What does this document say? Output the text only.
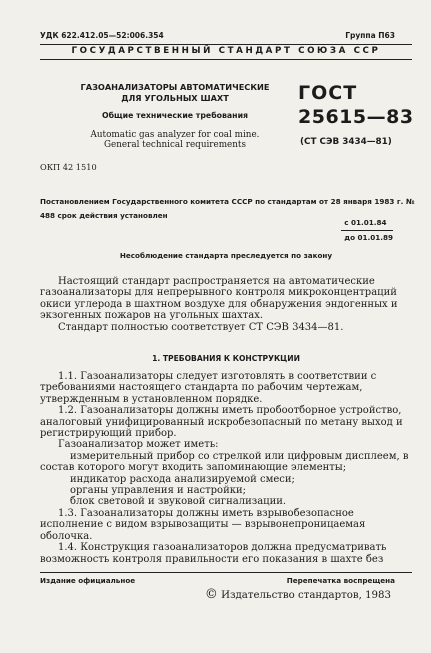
УДК 622.412.05—52:006.354	Группа П63
ГОСУДАРСТВЕННЫЙ СТАНДАРТ СОЮЗА ССР
ГАЗОАНАЛИЗАТОРЫ АВТОМАТИЧЕСКИЕ
ДЛЯ УГОЛЬНЫХ ШАХТ
Общие технические требования
Automatic gas analyzer for coal mine.
General technical requirements
ГОСТ
25615—83
(СТ СЭВ 3434—81)
ОКП 42 1510
Постановлением Государственного комитета СССР по стандартам от 28 января 1983 г. № 488 срок действия установлен
с 01.01.84
до 01.01.89
Несоблюдение стандарта преследуется по закону

Настоящий стандарт распространяется на автоматические газоанализаторы для непрерывного контроля микроконцентраций окиси углерода в шахтном воздухе для обнаружения эндогенных и экзогенных пожаров на угольных шахтах.

Стандарт полностью соответствует СТ СЭВ 3434—81.

1. ТРЕБОВАНИЯ К КОНСТРУКЦИИ

1.1. Газоанализаторы следует изготовлять в соответствии с требованиями настоящего стандарта по рабочим чертежам, утвержденным в установленном порядке.

1.2. Газоанализаторы должны иметь пробоотборное устройство, аналоговый унифицированный искробезопасный по метану выход и регистрирующий прибор.

Газоанализатор может иметь:

измерительный прибор со стрелкой или цифровым дисплеем, в состав которого могут входить запоминающие элементы;

индикатор расхода анализируемой смеси;

органы управления и настройки;

блок световой и звуковой сигнализации.

1.3. Газоанализаторы должны иметь взрывобезопасное исполнение с видом взрывозащиты — взрывонепроницаемая оболочка.

1.4. Конструкция газоанализаторов должна предусматривать возможность контроля правильности его показания в шахте без

Издание официальное	Перепечатка воспрещена
© Издательство стандартов, 1983
